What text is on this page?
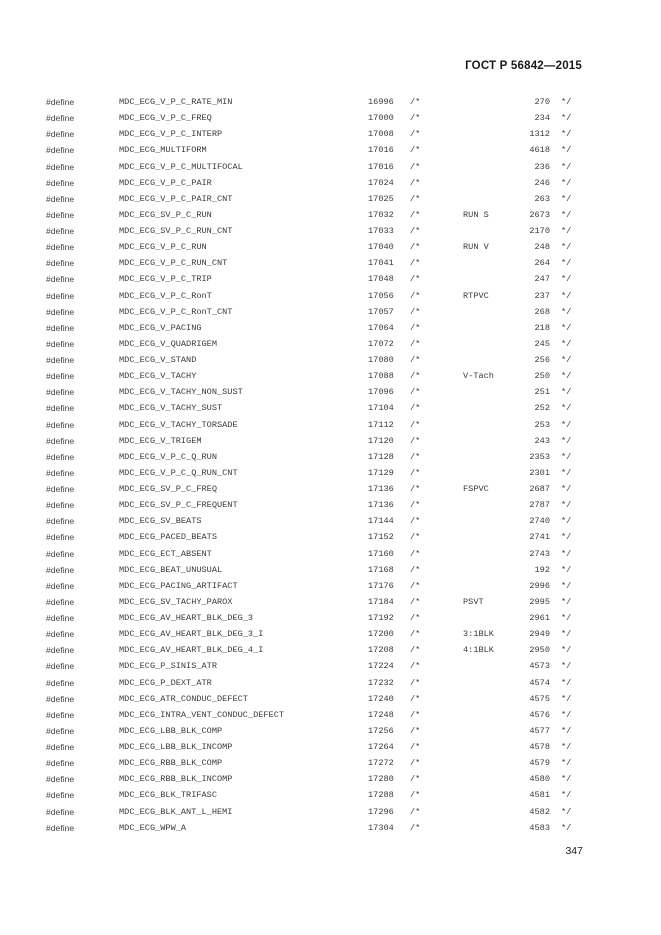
ГОСТ Р 56842—2015
#define	MDC_ECG_V_P_C_RATE_MIN	16996 /*	270 */
#define	MDC_ECG_V_P_C_FREQ	17000 /*	234 */
#define	MDC_ECG_V_P_C_INTERP	17008 /*	1312 */
#define	MDC_ECG_MULTIFORM	17016 /*	4618 */
#define	MDC_ECG_V_P_C_MULTIFOCAL	17016 /*	236 */
#define	MDC_ECG_V_P_C_PAIR	17024 /*	246 */
#define	MDC_ECG_V_P_C_PAIR_CNT	17025 /*	263 */
#define	MDC_ECG_SV_P_C_RUN	17032 /*	RUN S	2673 */
#define	MDC_ECG_SV_P_C_RUN_CNT	17033 /*	2170 */
#define	MDC_ECG_V_P_C_RUN	17040 /*	RUN V	248 */
#define	MDC_ECG_V_P_C_RUN_CNT	17041 /*	264 */
#define	MDC_ECG_V_P_C_TRIP	17048 /*	247 */
#define	MDC_ECG_V_P_C_RonT	17056 /*	RTPVC	237 */
#define	MDC_ECG_V_P_C_RonT_CNT	17057 /*	268 */
#define	MDC_ECG_V_PACING	17064 /*	218 */
#define	MDC_ECG_V_QUADRIGEM	17072 /*	245 */
#define	MDC_ECG_V_STAND	17080 /*	256 */
#define	MDC_ECG_V_TACHY	17088 /*	V-Tach	250 */
#define	MDC_ECG_V_TACHY_NON_SUST	17096 /*	251 */
#define	MDC_ECG_V_TACHY_SUST	17104 /*	252 */
#define	MDC_ECG_V_TACHY_TORSADE	17112 /*	253 */
#define	MDC_ECG_V_TRIGEM	17120 /*	243 */
#define	MDC_ECG_V_P_C_Q_RUN	17128 /*	2353 */
#define	MDC_ECG_V_P_C_Q_RUN_CNT	17129 /*	2301 */
#define	MDC_ECG_SV_P_C_FREQ	17136 /*	FSPVC	2687 */
#define	MDC_ECG_SV_P_C_FREQUENT	17136 /*	2787 */
#define	MDC_ECG_SV_BEATS	17144 /*	2740 */
#define	MDC_ECG_PACED_BEATS	17152 /*	2741 */
#define	MDC_ECG_ECT_ABSENT	17160 /*	2743 */
#define	MDC_ECG_BEAT_UNUSUAL	17168 /*	192 */
#define	MDC_ECG_PACING_ARTIFACT	17176 /*	2996 */
#define	MDC_ECG_SV_TACHY_PAROX	17184 /*	PSVT	2995 */
#define	MDC_ECG_AV_HEART_BLK_DEG_3	17192 /*	2961 */
#define	MDC_ECG_AV_HEART_BLK_DEG_3_I	17200 /*	3:1BLK	2949 */
#define	MDC_ECG_AV_HEART_BLK_DEG_4_I	17208 /*	4:1BLK	2950 */
#define	MDC_ECG_P_SINIS_ATR	17224 /*	4573 */
#define	MDC_ECG_P_DEXT_ATR	17232 /*	4574 */
#define	MDC_ECG_ATR_CONDUC_DEFECT	17240 /*	4575 */
#define	MDC_ECG_INTRA_VENT_CONDUC_DEFECT	17248 /*	4576 */
#define	MDC_ECG_LBB_BLK_COMP	17256 /*	4577 */
#define	MDC_ECG_LBB_BLK_INCOMP	17264 /*	4578 */
#define	MDC_ECG_RBB_BLK_COMP	17272 /*	4579 */
#define	MDC_ECG_RBB_BLK_INCOMP	17280 /*	4580 */
#define	MDC_ECG_BLK_TRIFASC	17288 /*	4581 */
#define	MDC_ECG_BLK_ANT_L_HEMI	17296 /*	4582 */
#define	MDC_ECG_WPW_A	17304 /*	4583 */
347
